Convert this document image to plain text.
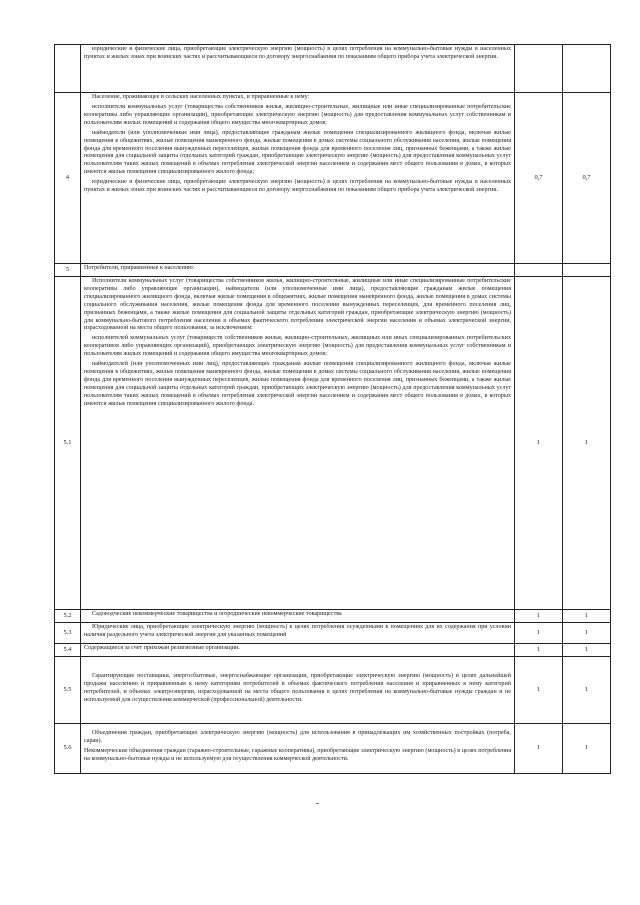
	юридические и физические лица, приобретающие электрическую энергию (мощность) в целях потребления на коммунально-бытовые нужды в населенных пунктах и жилых зонах при воинских частях и рассчитывающиеся по договору энергоснабжения по показаниям общего прибора учета электрической энергии.		

4	Население, проживающее в сельских населенных пунктах, и приравненные к нему:

исполнители коммунальных услуг (товарищества собственников жилья, жилищно-строительные, жилищные или иные специализированные потребительские кооперативы либо управляющие организации), приобретающие электрическую энергию (мощность) для предоставления коммунальных услуг собственникам и пользователям жилых помещений и содержания общего имущества многоквартирных домов;

наймодатели (или уполномоченные ими лица), предоставляющие гражданам жилые помещения специализированного жилищного фонда, включая жилые помещения в общежитиях, жилые помещения маневренного фонда, жилые помещения в домах системы социального обслуживания населения, жилые помещения фонда для временного поселения вынужденных переселенцев, жилые помещения фонда для временного поселения лиц, признанных беженцами, а также жилые помещения для социальной защиты отдельных категорий граждан, приобретающие электрическую энергию (мощность) для предоставления коммунальных услуг пользователям таких жилых помещений в объемах потребления электрической энергии населением и содержания мест общего пользования в домах, в которых имеются жилые помещения специализированного жилого фонда;

юридические и физические лица, приобретающие электрическую энергию (мощность) в целях потребления на коммунально-бытовые нужды в населенных пунктах и жилых зонах при воинских частях и рассчитывающиеся по договору энергоснабжения по показаниям общего прибора учета электрической энергии.	0,7	0,7
5	Потребители, приравненные к населению:		

5.1	Исполнители коммунальных услуг (товарищества собственников жилья, жилищно-строительные, жилищные или иные специализированные потребительские кооперативы либо управляющие организации), наймодатели (или уполномоченные ими лица), предоставляющие гражданам жилые помещения специализированного жилищного фонда, включая жилые помещения в общежитиях, жилые помещения маневренного фонда, жилые помещения в домах системы социального обслуживания населения, жилые помещения фонда для временного поселения вынужденных переселенцев, для временного поселения лиц, признанных беженцами, а также жилые помещения для социальной защиты отдельных категорий граждан, приобретающие электрическую энергию (мощность) для коммунально-бытового потребления населения в объемах фактического потребления электрической энергии населения и объемах электрической энергии, израсходованной на места общего пользования, за исключением:

исполнителей коммунальных услуг (товариществ собственников жилья, жилищно-строительных, жилищных или иных специализированных потребительских кооперативов либо управляющих организаций), приобретающих электрическую энергию (мощность) для предоставления коммунальных услуг собственникам и пользователям жилых помещений и содержания общего имущества многоквартирных домов;

наймодателей (или уполномоченных ими лиц), предоставляющих гражданам жилые помещения специализированного жилищного фонда, включая жилые помещения в общежитиях, жилые помещения маневренного фонда, жилые помещения в домах системы социального обслуживания населения, жилые помещения фонда для временного поселения вынужденных переселенцев, жилые помещения фонда для временного поселения лиц, признанных беженцами, а также жилые помещения для социальной защиты отдельных категорий граждан, приобретающих электрическую энергию (мощность) для предоставления коммунальных услуг пользователям таких жилых помещений в объемах потребления электрической энергии населением и содержания мест общего пользования в домах, в которых имеются жилые помещения специализированного жилого фонда.	1	1
5.2	Садоводческие некоммерческие товарищества и огороднические некоммерческие товарищества	1	1
5.3	Юридические лица, приобретающие электрическую энергию (мощность) в целях потребления осужденными в помещениях для их содержания при условии наличия раздельного учета электрической энергии для указанных помещений	1	1
5.4	Содержащиеся за счет прихожан религиозные организации.	1	1
5.5	Гарантирующие поставщики, энергосбытовые, энергоснабжающие организации, приобретающие электрическую энергию (мощность) в целях дальнейшей продажи населению и приравненным к нему категориям потребителей в объемах фактического потребления населения и приравненных к нему категорий потребителей, и объемах электроэнергии, израсходованной на места общего пользования в целях потребления на коммунально-бытовые нужды граждан и не используемой для осуществления коммерческой (профессиональной) деятельности.	1	1
5.6	Объединения граждан, приобретающих электрическую энергию (мощность) для использования в принадлежащих им хозяйственных постройках (погреба, сараи).

Некоммерческие объединения граждан (гаражно-строительные, гаражные кооперативы), приобретающие электрическую энергию (мощность) в целях потребления на коммунально-бытовые нужды и не используемую для осуществления коммерческой деятельности.	1	1
